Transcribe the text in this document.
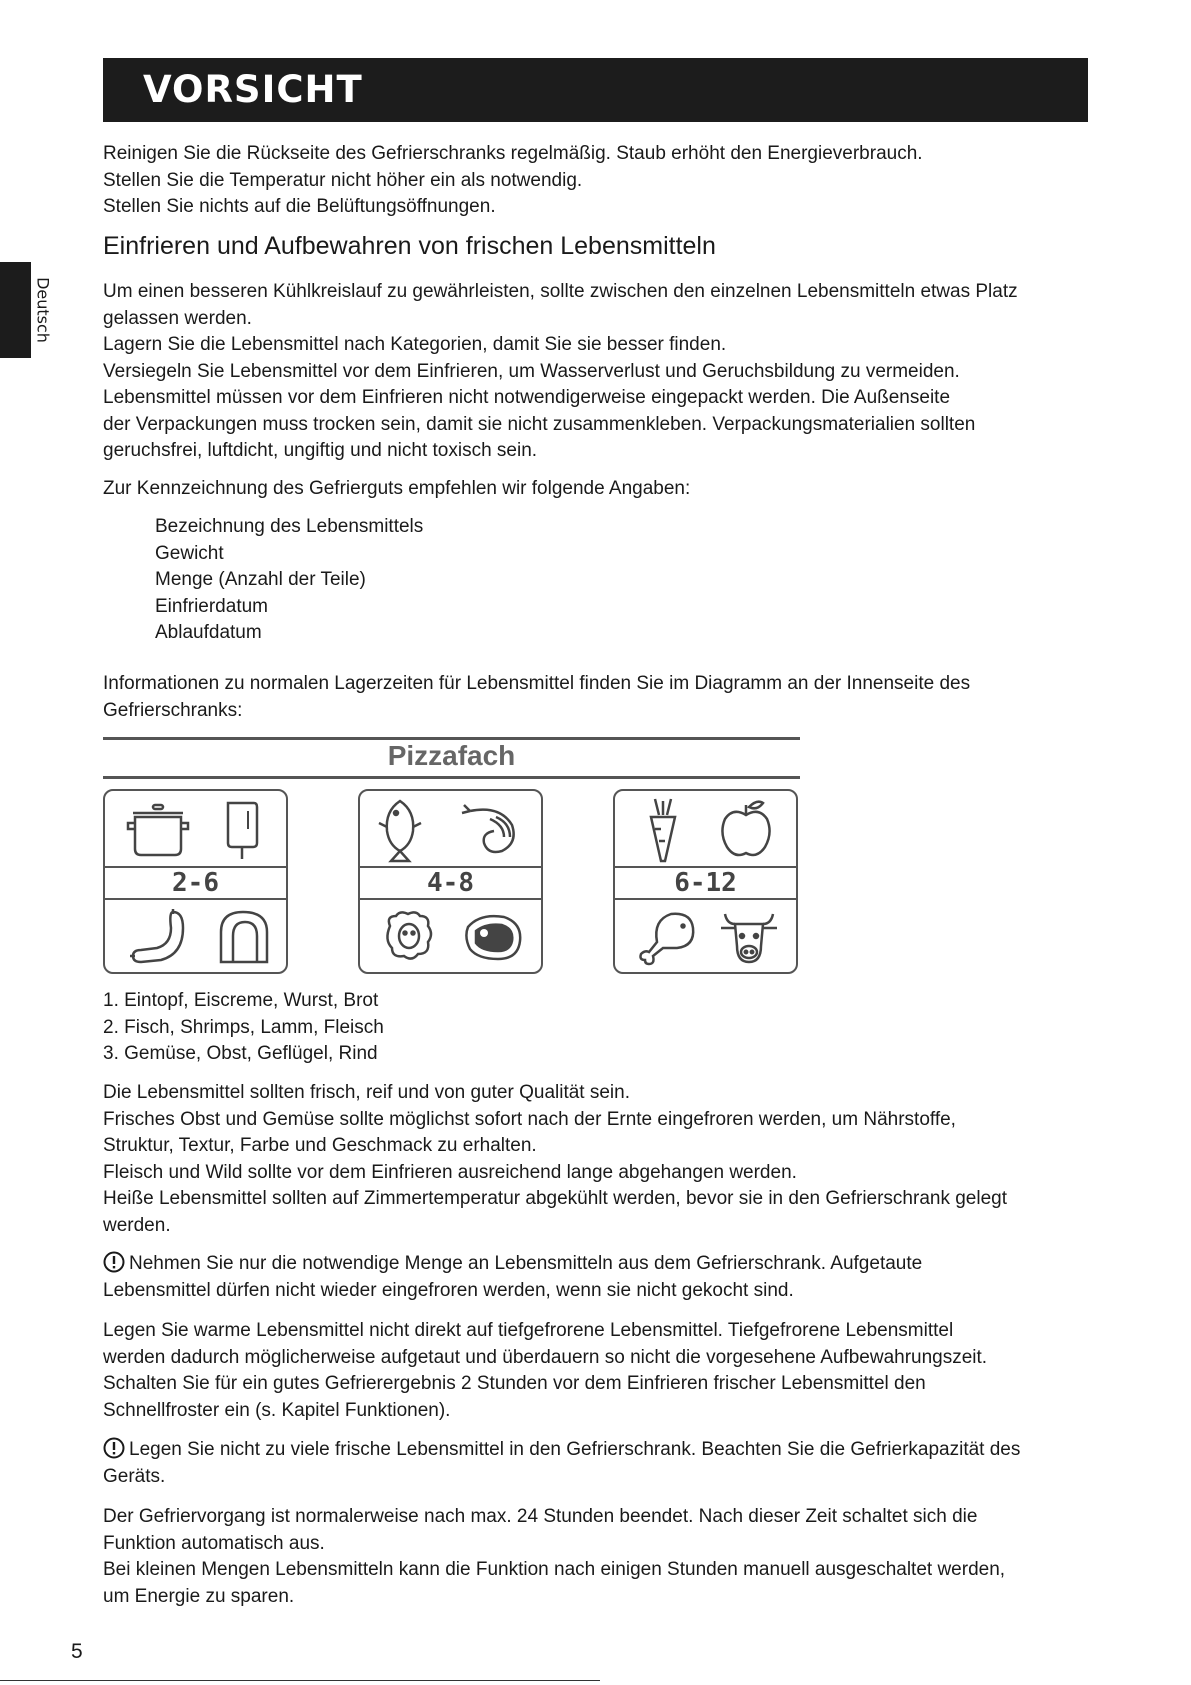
VORSICHT
Deutsch

Reinigen Sie die Rückseite des Gefrierschranks regelmäßig. Staub erhöht den Energieverbrauch.

Stellen Sie die Temperatur nicht höher ein als notwendig.

Stellen Sie nichts auf die Belüftungsöffnungen.

Einfrieren und Aufbewahren von frischen Lebensmitteln

Um einen besseren Kühlkreislauf zu gewährleisten, sollte zwischen den einzelnen Lebensmitteln etwas Platz

gelassen werden.

Lagern Sie die Lebensmittel nach Kategorien, damit Sie sie besser finden.

Versiegeln Sie Lebensmittel vor dem Einfrieren, um Wasserverlust und Geruchsbildung zu vermeiden.

Lebensmittel müssen vor dem Einfrieren nicht notwendigerweise eingepackt werden. Die Außenseite

der Verpackungen muss trocken sein, damit sie nicht zusammenkleben. Verpackungsmaterialien sollten

geruchsfrei, luftdicht, ungiftig und nicht toxisch sein.

Zur Kennzeichnung des Gefrierguts empfehlen wir folgende Angaben:

Bezeichnung des Lebensmittels
Gewicht
Menge (Anzahl der Teile)
Einfrierdatum
Ablaufdatum

Informationen zu normalen Lagerzeiten für Lebensmittel finden Sie im Diagramm an der Innenseite des

Gefrierschranks:

Pizzafach
2-6	4-8	6-12

1. Eintopf, Eiscreme, Wurst, Brot

2. Fisch, Shrimps, Lamm, Fleisch

3. Gemüse, Obst, Geflügel, Rind

Die Lebensmittel sollten frisch, reif und von guter Qualität sein.

Frisches Obst und Gemüse sollte möglichst sofort nach der Ernte eingefroren werden, um Nährstoffe,

Struktur, Textur, Farbe und Geschmack zu erhalten.

Fleisch und Wild sollte vor dem Einfrieren ausreichend lange abgehangen werden.

Heiße Lebensmittel sollten auf Zimmertemperatur abgekühlt werden, bevor sie in den Gefrierschrank gelegt

werden.

Nehmen Sie nur die notwendige Menge an Lebensmitteln aus dem Gefrierschrank. Aufgetaute

Lebensmittel dürfen nicht wieder eingefroren werden, wenn sie nicht gekocht sind.

Legen Sie warme Lebensmittel nicht direkt auf tiefgefrorene Lebensmittel. Tiefgefrorene Lebensmittel

werden dadurch möglicherweise aufgetaut und überdauern so nicht die vorgesehene Aufbewahrungszeit.

Schalten Sie für ein gutes Gefrierergebnis 2 Stunden vor dem Einfrieren frischer Lebensmittel den

Schnellfroster ein (s. Kapitel Funktionen).

Legen Sie nicht zu viele frische Lebensmittel in den Gefrierschrank. Beachten Sie die Gefrierkapazität des

Geräts.

Der Gefriervorgang ist normalerweise nach max. 24 Stunden beendet. Nach dieser Zeit schaltet sich die

Funktion automatisch aus.

Bei kleinen Mengen Lebensmitteln kann die Funktion nach einigen Stunden manuell ausgeschaltet werden,

um Energie zu sparen.

5
